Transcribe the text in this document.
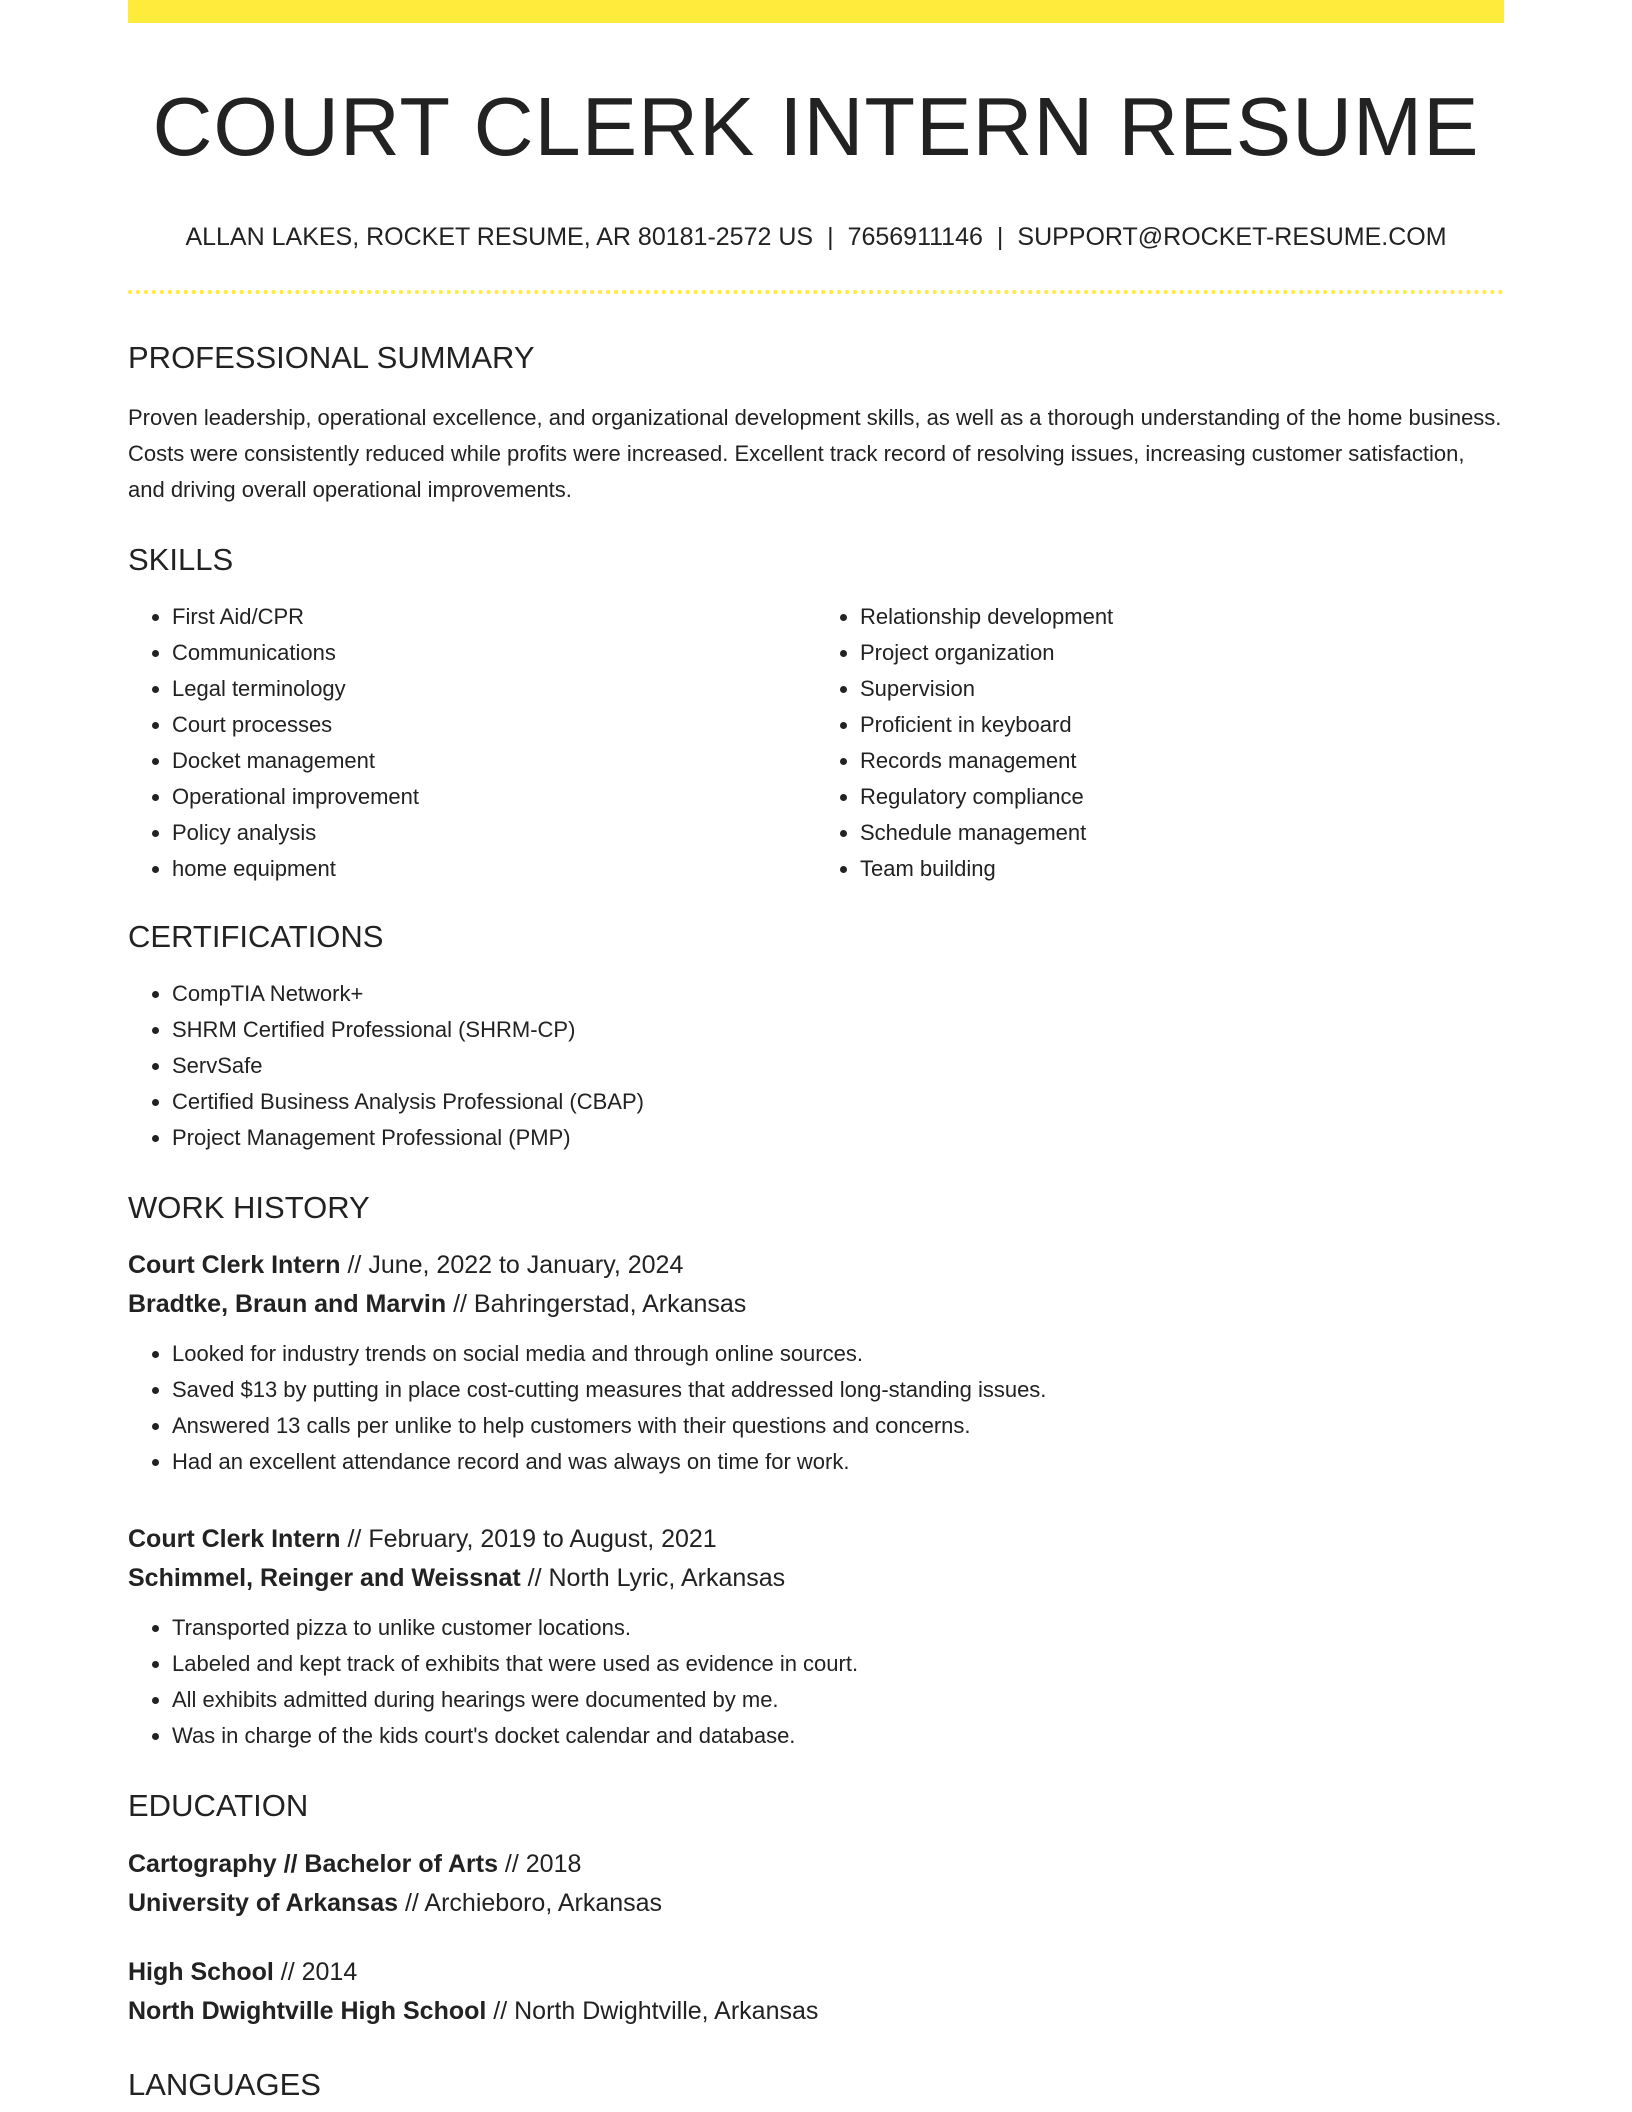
COURT CLERK INTERN RESUME
ALLAN LAKES, ROCKET RESUME, AR 80181-2572 US | 7656911146 | SUPPORT@ROCKET-RESUME.COM
PROFESSIONAL SUMMARY

Proven leadership, operational excellence, and organizational development skills, as well as a thorough understanding of the home business. Costs were consistently reduced while profits were increased. Excellent track record of resolving issues, increasing customer satisfaction, and driving overall operational improvements.

SKILLS
• First Aid/CPR
• Communications
• Legal terminology
• Court processes
• Docket management
• Operational improvement
• Policy analysis
• home equipment
• Relationship development
• Project organization
• Supervision
• Proficient in keyboard
• Records management
• Regulatory compliance
• Schedule management
• Team building
CERTIFICATIONS
• CompTIA Network+
• SHRM Certified Professional (SHRM-CP)
• ServSafe
• Certified Business Analysis Professional (CBAP)
• Project Management Professional (PMP)
WORK HISTORY
Court Clerk Intern // June, 2022 to January, 2024
Bradtke, Braun and Marvin // Bahringerstad, Arkansas
• Looked for industry trends on social media and through online sources.
• Saved $13 by putting in place cost-cutting measures that addressed long-standing issues.
• Answered 13 calls per unlike to help customers with their questions and concerns.
• Had an excellent attendance record and was always on time for work.
Court Clerk Intern // February, 2019 to August, 2021
Schimmel, Reinger and Weissnat // North Lyric, Arkansas
• Transported pizza to unlike customer locations.
• Labeled and kept track of exhibits that were used as evidence in court.
• All exhibits admitted during hearings were documented by me.
• Was in charge of the kids court's docket calendar and database.
EDUCATION
Cartography // Bachelor of Arts // 2018
University of Arkansas // Archieboro, Arkansas
High School // 2014
North Dwightville High School // North Dwightville, Arkansas
LANGUAGES
